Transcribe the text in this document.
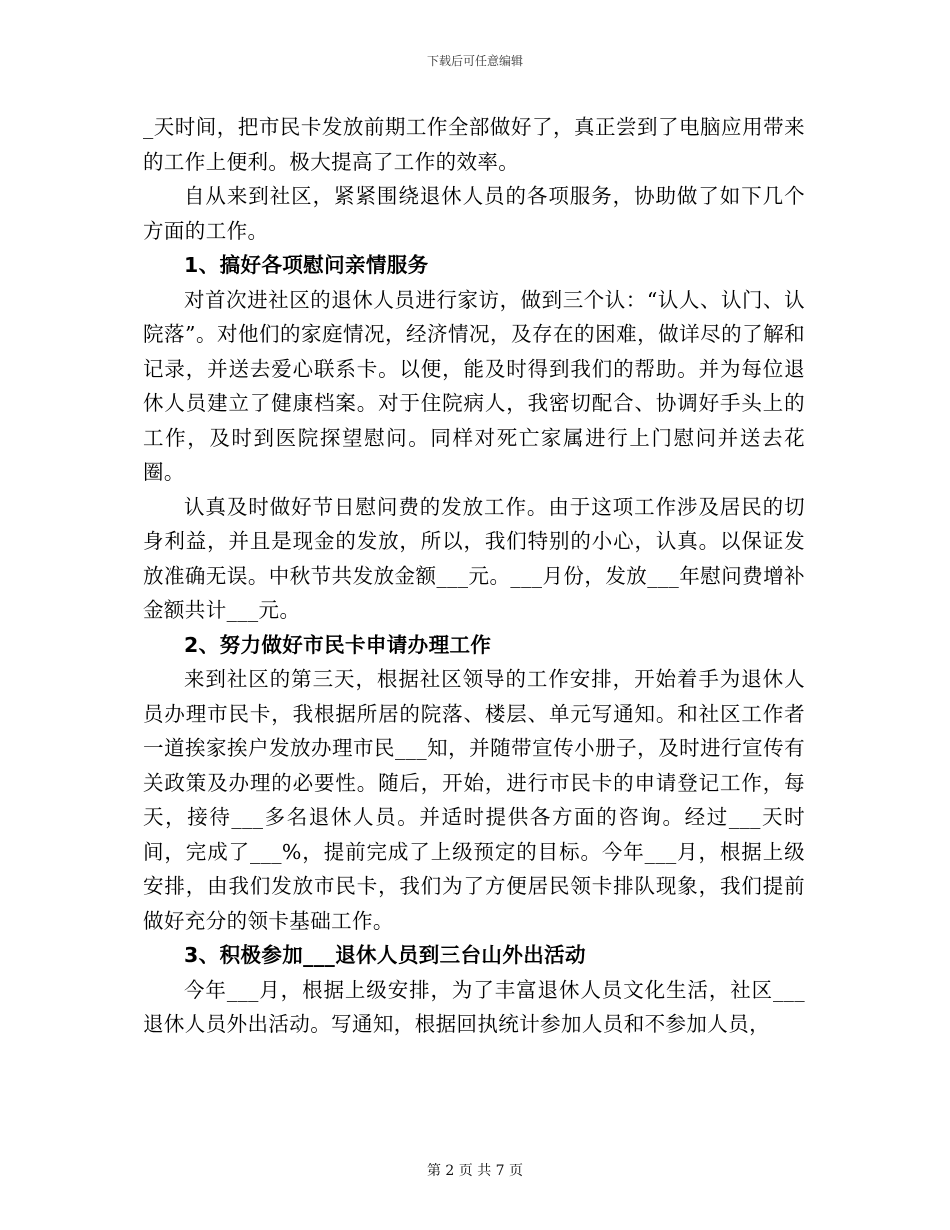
下载后可任意编辑

_天时间，把市民卡发放前期工作全部做好了，真正尝到了电脑应用带来的工作上便利。极大提高了工作的效率。

自从来到社区，紧紧围绕退休人员的各项服务，协助做了如下几个方面的工作。

1、搞好各项慰问亲情服务

对首次进社区的退休人员进行家访，做到三个认：“认人、认门、认院落”。对他们的家庭情况，经济情况，及存在的困难，做详尽的了解和记录，并送去爱心联系卡。以便，能及时得到我们的帮助。并为每位退休人员建立了健康档案。对于住院病人，我密切配合、协调好手头上的工作，及时到医院探望慰问。同样对死亡家属进行上门慰问并送去花圈。

认真及时做好节日慰问费的发放工作。由于这项工作涉及居民的切身利益，并且是现金的发放，所以，我们特别的小心，认真。以保证发放准确无误。中秋节共发放金额___元。___月份，发放___年慰问费增补金额共计___元。

2、努力做好市民卡申请办理工作

来到社区的第三天，根据社区领导的工作安排，开始着手为退休人员办理市民卡，我根据所居的院落、楼层、单元写通知。和社区工作者一道挨家挨户发放办理市民___知，并随带宣传小册子，及时进行宣传有关政策及办理的必要性。随后，开始，进行市民卡的申请登记工作，每天，接待___多名退休人员。并适时提供各方面的咨询。经过___天时间，完成了___%，提前完成了上级预定的目标。今年___月，根据上级安排，由我们发放市民卡，我们为了方便居民领卡排队现象，我们提前做好充分的领卡基础工作。

3、积极参加___退休人员到三台山外出活动

今年___月，根据上级安排，为了丰富退休人员文化生活，社区___退休人员外出活动。写通知，根据回执统计参加人员和不参加人员，

第 2 页 共 7 页
